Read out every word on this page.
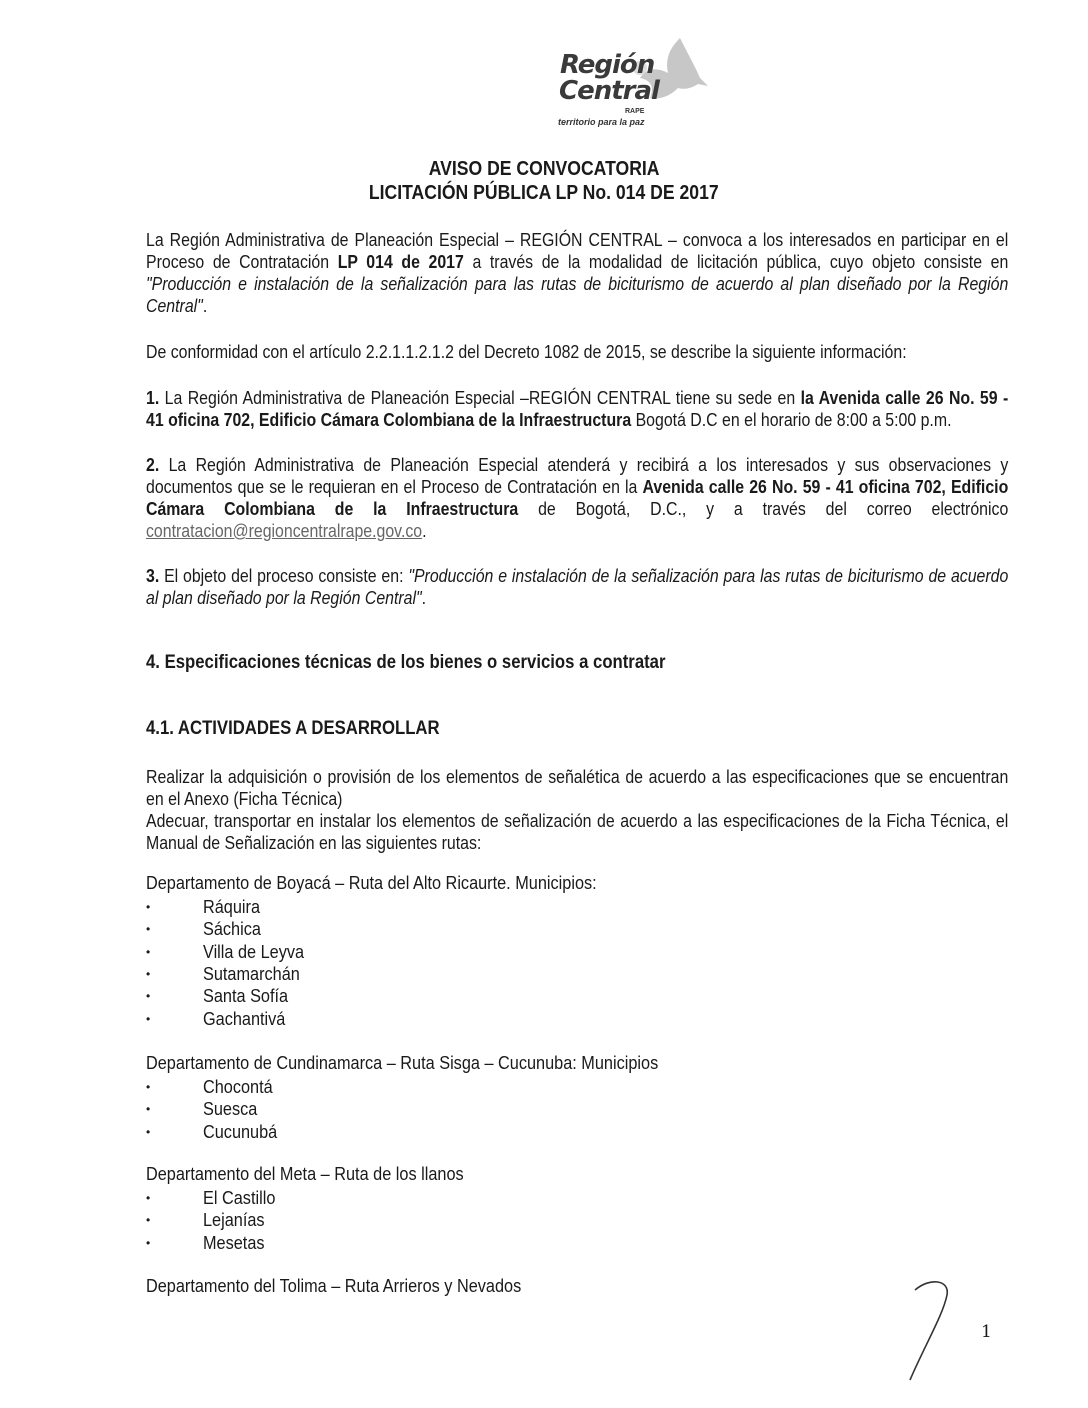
Región
Central
RAPE
territorio para la paz
AVISO DE CONVOCATORIA
LICITACIÓN PÚBLICA LP No. 014 DE 2017

La Región Administrativa de Planeación Especial – REGIÓN CENTRAL – convoca a los interesados en participar en el Proceso de Contratación LP 014 de 2017 a través de la modalidad de licitación pública, cuyo objeto consiste en "Producción e instalación de la señalización para las rutas de biciturismo de acuerdo al plan diseñado por la Región Central".

De conformidad con el artículo 2.2.1.1.2.1.2 del Decreto 1082 de 2015, se describe la siguiente información:

1. La Región Administrativa de Planeación Especial –REGIÓN CENTRAL tiene su sede en la Avenida calle 26 No. 59 - 41 oficina 702, Edificio Cámara Colombiana de la Infraestructura Bogotá D.C en el horario de 8:00 a 5:00 p.m.

2. La Región Administrativa de Planeación Especial atenderá y recibirá a los interesados y sus observaciones y documentos que se le requieran en el Proceso de Contratación en la Avenida calle 26 No. 59 - 41 oficina 702, Edificio Cámara Colombiana de la Infraestructura de Bogotá, D.C., y a través del correo electrónico contratacion@regioncentralrape.gov.co.

3. El objeto del proceso consiste en: "Producción e instalación de la señalización para las rutas de biciturismo de acuerdo al plan diseñado por la Región Central".

4. Especificaciones técnicas de los bienes o servicios a contratar
4.1. ACTIVIDADES A DESARROLLAR

Realizar la adquisición o provisión de los elementos de señalética de acuerdo a las especificaciones que se encuentran en el Anexo (Ficha Técnica)

Adecuar, transportar en instalar los elementos de señalización de acuerdo a las especificaciones de la Ficha Técnica, el Manual de Señalización en las siguientes rutas:

Departamento de Boyacá – Ruta del Alto Ricaurte. Municipios:
•	Ráquira
•	Sáchica
•	Villa de Leyva
•	Sutamarchán
•	Santa Sofía
•	Gachantivá
Departamento de Cundinamarca – Ruta Sisga – Cucunuba: Municipios
•	Chocontá
•	Suesca
•	Cucunubá
Departamento del Meta – Ruta de los llanos
•	El Castillo
•	Lejanías
•	Mesetas
Departamento del Tolima – Ruta Arrieros y Nevados
1
